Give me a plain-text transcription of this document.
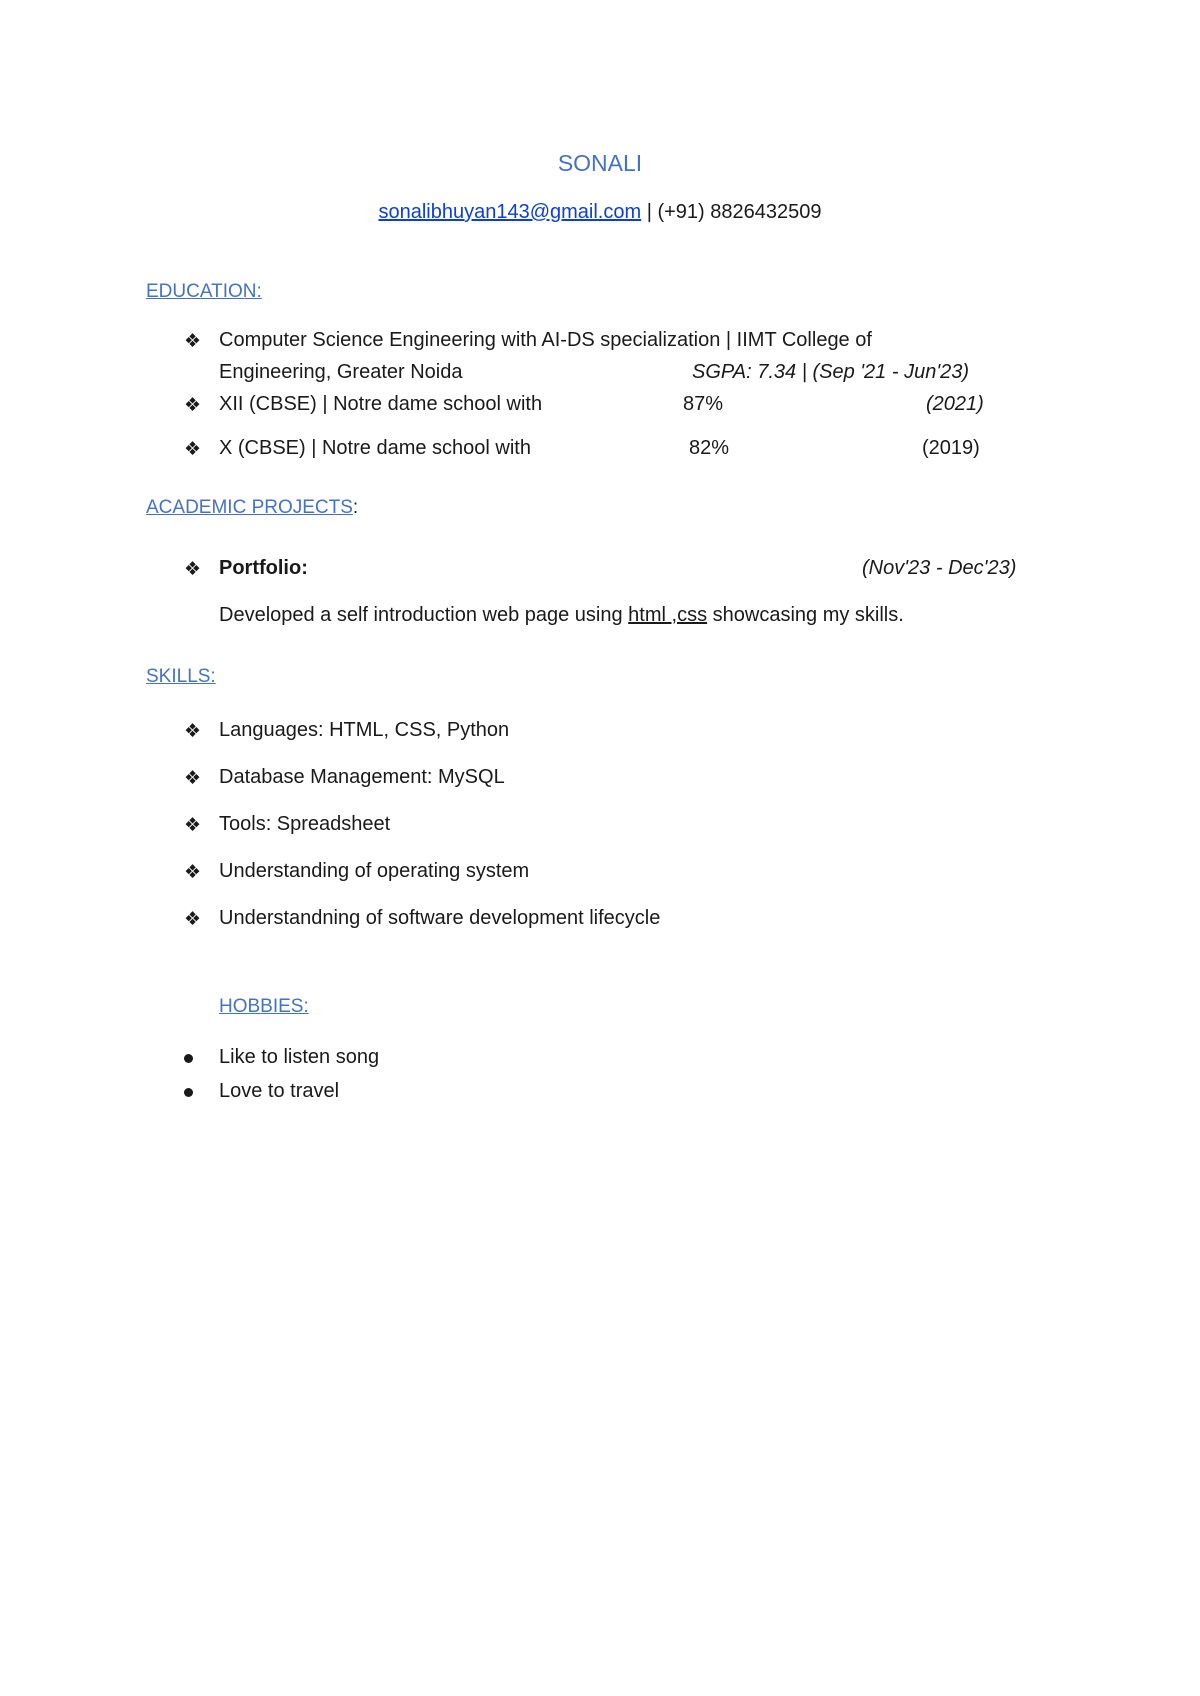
SONALI
sonalibhuyan143@gmail.com | (+91) 8826432509
EDUCATION:
❖ Computer Science Engineering with AI-DS specialization | IIMT College of
Engineering, Greater Noida	SGPA: 7.34 | (Sep '21 - Jun'23)
❖ XII (CBSE) | Notre dame school with	87%	(2021)
❖ X (CBSE) | Notre dame school with	82%	(2019)
ACADEMIC PROJECTS:
❖ Portfolio:	(Nov'23 - Dec'23)
Developed a self introduction web page using html ,css showcasing my skills.
SKILLS:
❖ Languages: HTML, CSS, Python
❖ Database Management: MySQL
❖ Tools: Spreadsheet
❖ Understanding of operating system
❖ Understandning of software development lifecycle
HOBBIES:
Like to listen song
Love to travel
